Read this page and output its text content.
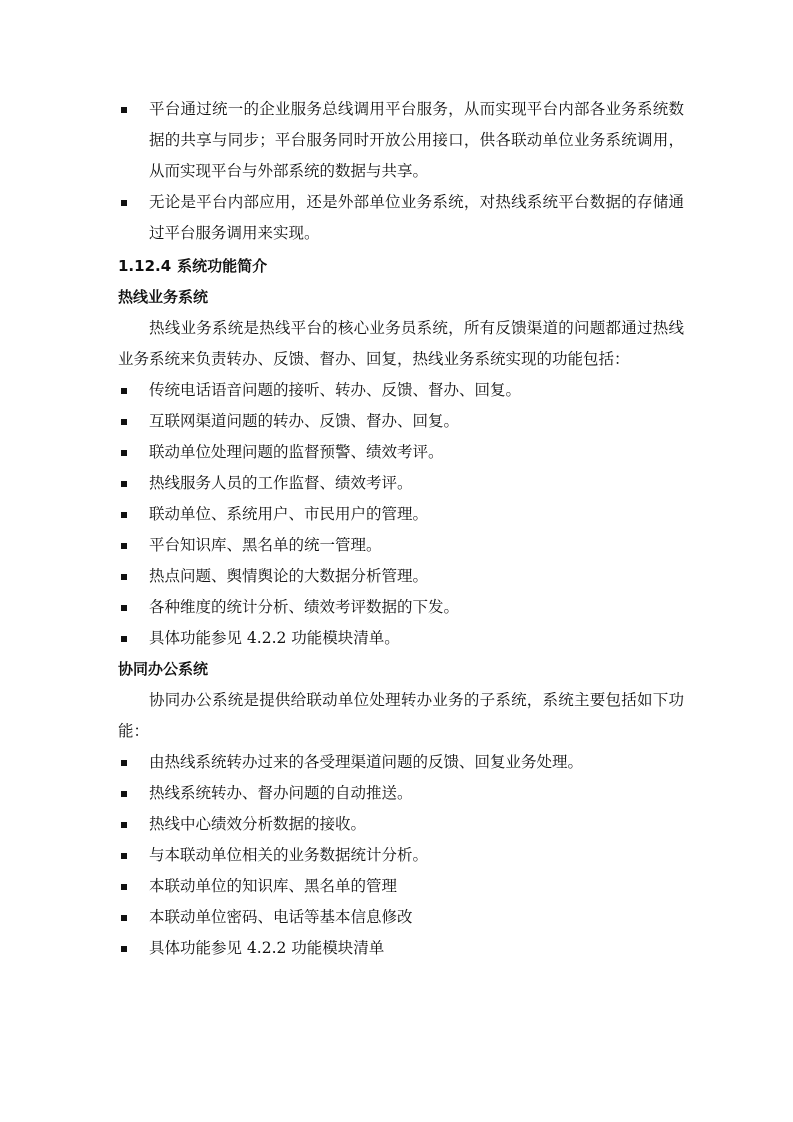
平台通过统一的企业服务总线调用平台服务，从而实现平台内部各业务系统数据的共享与同步；平台服务同时开放公用接口，供各联动单位业务系统调用，从而实现平台与外部系统的数据与共享。
无论是平台内部应用，还是外部单位业务系统，对热线系统平台数据的存储通过平台服务调用来实现。
1.12.4 系统功能简介
热线业务系统
热线业务系统是热线平台的核心业务员系统，所有反馈渠道的问题都通过热线业务系统来负责转办、反馈、督办、回复，热线业务系统实现的功能包括：
传统电话语音问题的接听、转办、反馈、督办、回复。
互联网渠道问题的转办、反馈、督办、回复。
联动单位处理问题的监督预警、绩效考评。
热线服务人员的工作监督、绩效考评。
联动单位、系统用户、市民用户的管理。
平台知识库、黑名单的统一管理。
热点问题、舆情舆论的大数据分析管理。
各种维度的统计分析、绩效考评数据的下发。
具体功能参见 4.2.2 功能模块清单。
协同办公系统
协同办公系统是提供给联动单位处理转办业务的子系统，系统主要包括如下功能：
由热线系统转办过来的各受理渠道问题的反馈、回复业务处理。
热线系统转办、督办问题的自动推送。
热线中心绩效分析数据的接收。
与本联动单位相关的业务数据统计分析。
本联动单位的知识库、黑名单的管理
本联动单位密码、电话等基本信息修改
具体功能参见 4.2.2 功能模块清单
